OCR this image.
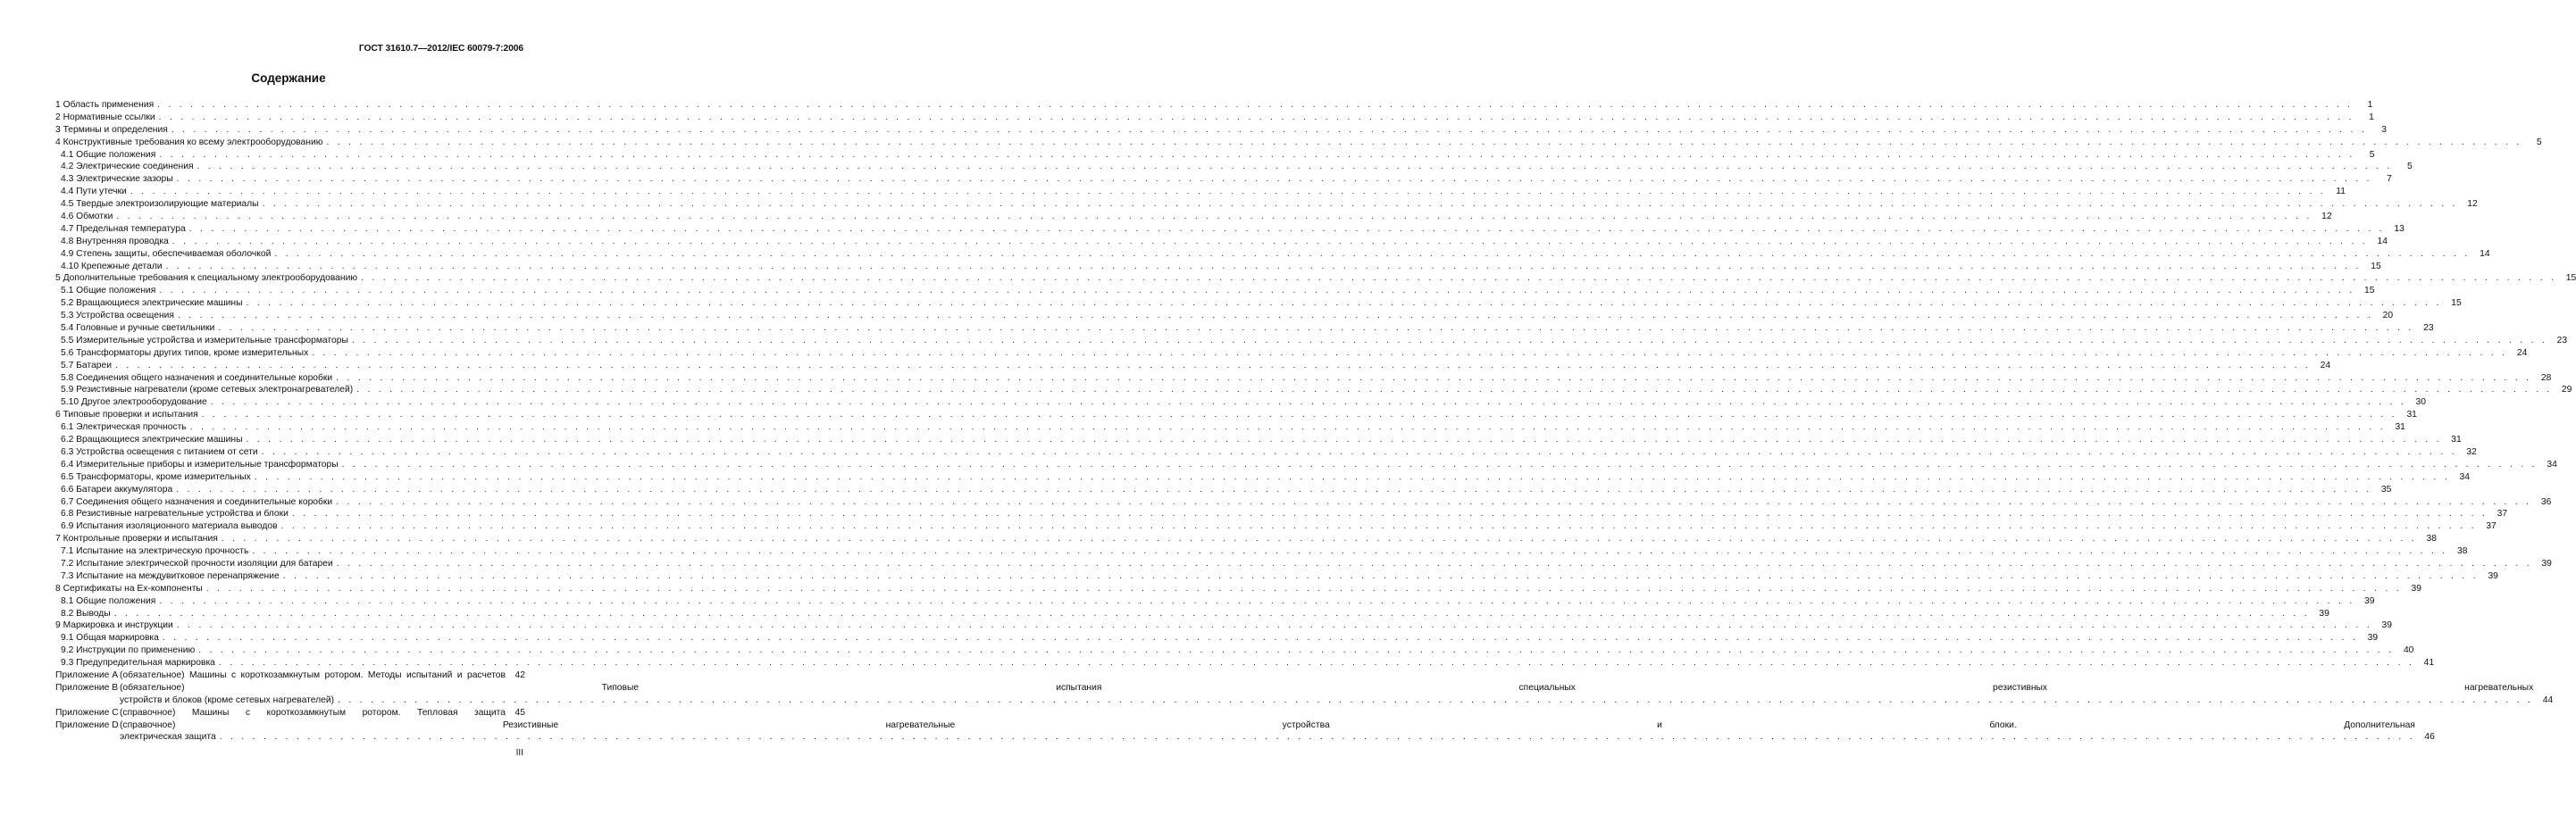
ГОСТ 31610.7—2012/IEC 60079-7:2006
Содержание
1 Область применения . . . . . . . . . . . . . . . . . . . . . . . . . . . . . . . . . . . . . . . . . . . . . . . . . . . . . . . . . . . . . . . . . . . . . . . . . . . . . . . . . . . . . . . . . . . . . . . . . . . . . . . . . . . . . . . . . . . . . . . . . . . . . . . . . . . . . . . . . . . . . . . . . . . . . . . . . . . . . . . . . . . . . . . . . . . . . . . . . . . . . . . . . . . . . . . . . . . . . . . .	1
2 Нормативные ссылки . . . . . . . . . . . . . . . . . . . . . . . . . . . . . . . . . . . . . . . . . . . . . . . . . . . . . . . . . . . . . . . . . . . . . . . . . . . . . . . . . . . . . . . . . . . . . . . . . . . . . . . . . . . . . . . . . . . . . . . . . . . . . . . . . . . . . . . . . . . . . . . . . . . . . . . . . . . . . . . . . . . . . . . . . . . . . . . . . . . . . . . . . . . . . . . . . . . . . . . .	1
3 Термины и определения . . . . . . . . . . . . . . . . . . . . . . . . . . . . . . . . . . . . . . . . . . . . . . . . . . . . . . . . . . . . . . . . . . . . . . . . . . . . . . . . . . . . . . . . . . . . . . . . . . . . . . . . . . . . . . . . . . . . . . . . . . . . . . . . . . . . . . . . . . . . . . . . . . . . . . . . . . . . . . . . . . . . . . . . . . . . . . . . . . . . . . . . . . . . . . . . . . . . . . . .	3
4 Конструктивные требования ко всему электрооборудованию . . . . . . . . . . . . . . . . . . . . . . . . . . . . . . . . . . . . . . . . . . . . . . . . . . . . . . . . . . . . . . . . . . . . . . . . . . . . . . . . . . . . . . . . . . . . . . . . . . . . . . . . . . . . . . . . . . . . . . . . . . . . . . . . . . . . . . . . . . . . . . . . . . . . . . . . . . . . . . . . . . . . . . . . . . . . . . . . . . . . . . . . . . . . . . . . . . . . . . . .	5
4.1 Общие положения . . . . . . . . . . . . . . . . . . . . . . . . . . . . . . . . . . . . . . . . . . . . . . . . . . . . . . . . . . . . . . . . . . . . . . . . . . . . . . . . . . . . . . . . . . . . . . . . . . . . . . . . . . . . . . . . . . . . . . . . . . . . . . . . . . . . . . . . . . . . . . . . . . . . . . . . . . . . . . . . . . . . . . . . . . . . . . . . . . . . . . . . . . . . . . . . . . . . . . . .	5
4.2 Электрические соединения . . . . . . . . . . . . . . . . . . . . . . . . . . . . . . . . . . . . . . . . . . . . . . . . . . . . . . . . . . . . . . . . . . . . . . . . . . . . . . . . . . . . . . . . . . . . . . . . . . . . . . . . . . . . . . . . . . . . . . . . . . . . . . . . . . . . . . . . . . . . . . . . . . . . . . . . . . . . . . . . . . . . . . . . . . . . . . . . . . . . . . . . . . . . . . . . . . . . . . . .	5
4.3 Электрические зазоры . . . . . . . . . . . . . . . . . . . . . . . . . . . . . . . . . . . . . . . . . . . . . . . . . . . . . . . . . . . . . . . . . . . . . . . . . . . . . . . . . . . . . . . . . . . . . . . . . . . . . . . . . . . . . . . . . . . . . . . . . . . . . . . . . . . . . . . . . . . . . . . . . . . . . . . . . . . . . . . . . . . . . . . . . . . . . . . . . . . . . . . . . . . . . . . . . . . . . . . .	7
4.4 Пути утечки . . . . . . . . . . . . . . . . . . . . . . . . . . . . . . . . . . . . . . . . . . . . . . . . . . . . . . . . . . . . . . . . . . . . . . . . . . . . . . . . . . . . . . . . . . . . . . . . . . . . . . . . . . . . . . . . . . . . . . . . . . . . . . . . . . . . . . . . . . . . . . . . . . . . . . . . . . . . . . . . . . . . . . . . . . . . . . . . . . . . . . . . . . . . . . . . . . . . . . . .	11
4.5 Твердые электроизолирующие материалы . . . . . . . . . . . . . . . . . . . . . . . . . . . . . . . . . . . . . . . . . . . . . . . . . . . . . . . . . . . . . . . . . . . . . . . . . . . . . . . . . . . . . . . . . . . . . . . . . . . . . . . . . . . . . . . . . . . . . . . . . . . . . . . . . . . . . . . . . . . . . . . . . . . . . . . . . . . . . . . . . . . . . . . . . . . . . . . . . . . . . . . . . . . . . . . . . . . . . . . .	12
4.6 Обмотки . . . . . . . . . . . . . . . . . . . . . . . . . . . . . . . . . . . . . . . . . . . . . . . . . . . . . . . . . . . . . . . . . . . . . . . . . . . . . . . . . . . . . . . . . . . . . . . . . . . . . . . . . . . . . . . . . . . . . . . . . . . . . . . . . . . . . . . . . . . . . . . . . . . . . . . . . . . . . . . . . . . . . . . . . . . . . . . . . . . . . . . . . . . . . . . . . . . . . . . .	12
4.7 Предельная температура . . . . . . . . . . . . . . . . . . . . . . . . . . . . . . . . . . . . . . . . . . . . . . . . . . . . . . . . . . . . . . . . . . . . . . . . . . . . . . . . . . . . . . . . . . . . . . . . . . . . . . . . . . . . . . . . . . . . . . . . . . . . . . . . . . . . . . . . . . . . . . . . . . . . . . . . . . . . . . . . . . . . . . . . . . . . . . . . . . . . . . . . . . . . . . . . . . . . . . . .	13
4.8 Внутренняя проводка . . . . . . . . . . . . . . . . . . . . . . . . . . . . . . . . . . . . . . . . . . . . . . . . . . . . . . . . . . . . . . . . . . . . . . . . . . . . . . . . . . . . . . . . . . . . . . . . . . . . . . . . . . . . . . . . . . . . . . . . . . . . . . . . . . . . . . . . . . . . . . . . . . . . . . . . . . . . . . . . . . . . . . . . . . . . . . . . . . . . . . . . . . . . . . . . . . . . . . . .	14
4.9 Степень защиты, обеспечиваемая оболочкой . . . . . . . . . . . . . . . . . . . . . . . . . . . . . . . . . . . . . . . . . . . . . . . . . . . . . . . . . . . . . . . . . . . . . . . . . . . . . . . . . . . . . . . . . . . . . . . . . . . . . . . . . . . . . . . . . . . . . . . . . . . . . . . . . . . . . . . . . . . . . . . . . . . . . . . . . . . . . . . . . . . . . . . . . . . . . . . . . . . . . . . . . . . . . . . . . . . . . . . .	14
4.10 Крепежные детали . . . . . . . . . . . . . . . . . . . . . . . . . . . . . . . . . . . . . . . . . . . . . . . . . . . . . . . . . . . . . . . . . . . . . . . . . . . . . . . . . . . . . . . . . . . . . . . . . . . . . . . . . . . . . . . . . . . . . . . . . . . . . . . . . . . . . . . . . . . . . . . . . . . . . . . . . . . . . . . . . . . . . . . . . . . . . . . . . . . . . . . . . . . . . . . . . . . . . . . .	15
5 Дополнительные требования к специальному электрооборудованию . . . . . . . . . . . . . . . . . . . . . . . . . . . . . . . . . . . . . . . . . . . . . . . . . . . . . . . . . . . . . . . . . . . . . . . . . . . . . . . . . . . . . . . . . . . . . . . . . . . . . . . . . . . . . . . . . . . . . . . . . . . . . . . . . . . . . . . . . . . . . . . . . . . . . . . . . . . . . . . . . . . . . . . . . . . . . . . . . . . . . . . . . . . . . . . . . . . . . . . .	15
5.1 Общие положения . . . . . . . . . . . . . . . . . . . . . . . . . . . . . . . . . . . . . . . . . . . . . . . . . . . . . . . . . . . . . . . . . . . . . . . . . . . . . . . . . . . . . . . . . . . . . . . . . . . . . . . . . . . . . . . . . . . . . . . . . . . . . . . . . . . . . . . . . . . . . . . . . . . . . . . . . . . . . . . . . . . . . . . . . . . . . . . . . . . . . . . . . . . . . . . . . . . . . . . .	15
5.2 Вращающиеся электрические машины . . . . . . . . . . . . . . . . . . . . . . . . . . . . . . . . . . . . . . . . . . . . . . . . . . . . . . . . . . . . . . . . . . . . . . . . . . . . . . . . . . . . . . . . . . . . . . . . . . . . . . . . . . . . . . . . . . . . . . . . . . . . . . . . . . . . . . . . . . . . . . . . . . . . . . . . . . . . . . . . . . . . . . . . . . . . . . . . . . . . . . . . . . . . . . . . . . . . . . . .	15
5.3 Устройства освещения . . . . . . . . . . . . . . . . . . . . . . . . . . . . . . . . . . . . . . . . . . . . . . . . . . . . . . . . . . . . . . . . . . . . . . . . . . . . . . . . . . . . . . . . . . . . . . . . . . . . . . . . . . . . . . . . . . . . . . . . . . . . . . . . . . . . . . . . . . . . . . . . . . . . . . . . . . . . . . . . . . . . . . . . . . . . . . . . . . . . . . . . . . . . . . . . . . . . . . . .	20
5.4 Головные и ручные светильники . . . . . . . . . . . . . . . . . . . . . . . . . . . . . . . . . . . . . . . . . . . . . . . . . . . . . . . . . . . . . . . . . . . . . . . . . . . . . . . . . . . . . . . . . . . . . . . . . . . . . . . . . . . . . . . . . . . . . . . . . . . . . . . . . . . . . . . . . . . . . . . . . . . . . . . . . . . . . . . . . . . . . . . . . . . . . . . . . . . . . . . . . . . . . . . . . . . . . . . .	23
5.5 Измерительные устройства и измерительные трансформаторы . . . . . . . . . . . . . . . . . . . . . . . . . . . . . . . . . . . . . . . . . . . . . . . . . . . . . . . . . . . . . . . . . . . . . . . . . . . . . . . . . . . . . . . . . . . . . . . . . . . . . . . . . . . . . . . . . . . . . . . . . . . . . . . . . . . . . . . . . . . . . . . . . . . . . . . . . . . . . . . . . . . . . . . . . . . . . . . . . . . . . . . . . . . . . . . . . . . . . . . .	23
5.6 Трансформаторы других типов, кроме измерительных . . . . . . . . . . . . . . . . . . . . . . . . . . . . . . . . . . . . . . . . . . . . . . . . . . . . . . . . . . . . . . . . . . . . . . . . . . . . . . . . . . . . . . . . . . . . . . . . . . . . . . . . . . . . . . . . . . . . . . . . . . . . . . . . . . . . . . . . . . . . . . . . . . . . . . . . . . . . . . . . . . . . . . . . . . . . . . . . . . . . . . . . . . . . . . . . . . . . . . . .	24
5.7 Батареи . . . . . . . . . . . . . . . . . . . . . . . . . . . . . . . . . . . . . . . . . . . . . . . . . . . . . . . . . . . . . . . . . . . . . . . . . . . . . . . . . . . . . . . . . . . . . . . . . . . . . . . . . . . . . . . . . . . . . . . . . . . . . . . . . . . . . . . . . . . . . . . . . . . . . . . . . . . . . . . . . . . . . . . . . . . . . . . . . . . . . . . . . . . . . . . . . . . . . . . .	24
5.8 Соединения общего назначения и соединительные коробки . . . . . . . . . . . . . . . . . . . . . . . . . . . . . . . . . . . . . . . . . . . . . . . . . . . . . . . . . . . . . . . . . . . . . . . . . . . . . . . . . . . . . . . . . . . . . . . . . . . . . . . . . . . . . . . . . . . . . . . . . . . . . . . . . . . . . . . . . . . . . . . . . . . . . . . . . . . . . . . . . . . . . . . . . . . . . . . . . . . . . . . . . . . . . . . . . . . . . . . .	28
5.9 Резистивные нагреватели (кроме сетевых электронагревателей) . . . . . . . . . . . . . . . . . . . . . . . . . . . . . . . . . . . . . . . . . . . . . . . . . . . . . . . . . . . . . . . . . . . . . . . . . . . . . . . . . . . . . . . . . . . . . . . . . . . . . . . . . . . . . . . . . . . . . . . . . . . . . . . . . . . . . . . . . . . . . . . . . . . . . . . . . . . . . . . . . . . . . . . . . . . . . . . . . . . . . . . . . . . . . . . . . . . . . . . .	29
5.10 Другое электрооборудование . . . . . . . . . . . . . . . . . . . . . . . . . . . . . . . . . . . . . . . . . . . . . . . . . . . . . . . . . . . . . . . . . . . . . . . . . . . . . . . . . . . . . . . . . . . . . . . . . . . . . . . . . . . . . . . . . . . . . . . . . . . . . . . . . . . . . . . . . . . . . . . . . . . . . . . . . . . . . . . . . . . . . . . . . . . . . . . . . . . . . . . . . . . . . . . . . . . . . . . .	30
6 Типовые проверки и испытания . . . . . . . . . . . . . . . . . . . . . . . . . . . . . . . . . . . . . . . . . . . . . . . . . . . . . . . . . . . . . . . . . . . . . . . . . . . . . . . . . . . . . . . . . . . . . . . . . . . . . . . . . . . . . . . . . . . . . . . . . . . . . . . . . . . . . . . . . . . . . . . . . . . . . . . . . . . . . . . . . . . . . . . . . . . . . . . . . . . . . . . . . . . . . . . . . . . . . . . .	31
6.1 Электрическая прочность . . . . . . . . . . . . . . . . . . . . . . . . . . . . . . . . . . . . . . . . . . . . . . . . . . . . . . . . . . . . . . . . . . . . . . . . . . . . . . . . . . . . . . . . . . . . . . . . . . . . . . . . . . . . . . . . . . . . . . . . . . . . . . . . . . . . . . . . . . . . . . . . . . . . . . . . . . . . . . . . . . . . . . . . . . . . . . . . . . . . . . . . . . . . . . . . . . . . . . . .	31
6.2 Вращающиеся электрические машины . . . . . . . . . . . . . . . . . . . . . . . . . . . . . . . . . . . . . . . . . . . . . . . . . . . . . . . . . . . . . . . . . . . . . . . . . . . . . . . . . . . . . . . . . . . . . . . . . . . . . . . . . . . . . . . . . . . . . . . . . . . . . . . . . . . . . . . . . . . . . . . . . . . . . . . . . . . . . . . . . . . . . . . . . . . . . . . . . . . . . . . . . . . . . . . . . . . . . . . .	31
6.3 Устройства освещения с питанием от сети . . . . . . . . . . . . . . . . . . . . . . . . . . . . . . . . . . . . . . . . . . . . . . . . . . . . . . . . . . . . . . . . . . . . . . . . . . . . . . . . . . . . . . . . . . . . . . . . . . . . . . . . . . . . . . . . . . . . . . . . . . . . . . . . . . . . . . . . . . . . . . . . . . . . . . . . . . . . . . . . . . . . . . . . . . . . . . . . . . . . . . . . . . . . . . . . . . . . . . . .	32
6.4 Измерительные приборы и измерительные трансформаторы . . . . . . . . . . . . . . . . . . . . . . . . . . . . . . . . . . . . . . . . . . . . . . . . . . . . . . . . . . . . . . . . . . . . . . . . . . . . . . . . . . . . . . . . . . . . . . . . . . . . . . . . . . . . . . . . . . . . . . . . . . . . . . . . . . . . . . . . . . . . . . . . . . . . . . . . . . . . . . . . . . . . . . . . . . . . . . . . . . . . . . . . . . . . . . . . . . . . . . . .	34
6.5 Трансформаторы, кроме измерительных . . . . . . . . . . . . . . . . . . . . . . . . . . . . . . . . . . . . . . . . . . . . . . . . . . . . . . . . . . . . . . . . . . . . . . . . . . . . . . . . . . . . . . . . . . . . . . . . . . . . . . . . . . . . . . . . . . . . . . . . . . . . . . . . . . . . . . . . . . . . . . . . . . . . . . . . . . . . . . . . . . . . . . . . . . . . . . . . . . . . . . . . . . . . . . . . . . . . . . . .	34
6.6 Батареи аккумулятора . . . . . . . . . . . . . . . . . . . . . . . . . . . . . . . . . . . . . . . . . . . . . . . . . . . . . . . . . . . . . . . . . . . . . . . . . . . . . . . . . . . . . . . . . . . . . . . . . . . . . . . . . . . . . . . . . . . . . . . . . . . . . . . . . . . . . . . . . . . . . . . . . . . . . . . . . . . . . . . . . . . . . . . . . . . . . . . . . . . . . . . . . . . . . . . . . . . . . . . .	35
6.7 Соединения общего назначения и соединительные коробки . . . . . . . . . . . . . . . . . . . . . . . . . . . . . . . . . . . . . . . . . . . . . . . . . . . . . . . . . . . . . . . . . . . . . . . . . . . . . . . . . . . . . . . . . . . . . . . . . . . . . . . . . . . . . . . . . . . . . . . . . . . . . . . . . . . . . . . . . . . . . . . . . . . . . . . . . . . . . . . . . . . . . . . . . . . . . . . . . . . . . . . . . . . . . . . . . . . . . . . .	36
6.8 Резистивные нагревательные устройства и блоки . . . . . . . . . . . . . . . . . . . . . . . . . . . . . . . . . . . . . . . . . . . . . . . . . . . . . . . . . . . . . . . . . . . . . . . . . . . . . . . . . . . . . . . . . . . . . . . . . . . . . . . . . . . . . . . . . . . . . . . . . . . . . . . . . . . . . . . . . . . . . . . . . . . . . . . . . . . . . . . . . . . . . . . . . . . . . . . . . . . . . . . . . . . . . . . . . . . . . . . .	37
6.9 Испытания изоляционного материала выводов . . . . . . . . . . . . . . . . . . . . . . . . . . . . . . . . . . . . . . . . . . . . . . . . . . . . . . . . . . . . . . . . . . . . . . . . . . . . . . . . . . . . . . . . . . . . . . . . . . . . . . . . . . . . . . . . . . . . . . . . . . . . . . . . . . . . . . . . . . . . . . . . . . . . . . . . . . . . . . . . . . . . . . . . . . . . . . . . . . . . . . . . . . . . . . . . . . . . . . . .	37
7 Контрольные проверки и испытания . . . . . . . . . . . . . . . . . . . . . . . . . . . . . . . . . . . . . . . . . . . . . . . . . . . . . . . . . . . . . . . . . . . . . . . . . . . . . . . . . . . . . . . . . . . . . . . . . . . . . . . . . . . . . . . . . . . . . . . . . . . . . . . . . . . . . . . . . . . . . . . . . . . . . . . . . . . . . . . . . . . . . . . . . . . . . . . . . . . . . . . . . . . . . . . . . . . . . . . .	38
7.1 Испытание на электрическую прочность . . . . . . . . . . . . . . . . . . . . . . . . . . . . . . . . . . . . . . . . . . . . . . . . . . . . . . . . . . . . . . . . . . . . . . . . . . . . . . . . . . . . . . . . . . . . . . . . . . . . . . . . . . . . . . . . . . . . . . . . . . . . . . . . . . . . . . . . . . . . . . . . . . . . . . . . . . . . . . . . . . . . . . . . . . . . . . . . . . . . . . . . . . . . . . . . . . . . . . . .	38
7.2 Испытание электрической прочности изоляции для батареи . . . . . . . . . . . . . . . . . . . . . . . . . . . . . . . . . . . . . . . . . . . . . . . . . . . . . . . . . . . . . . . . . . . . . . . . . . . . . . . . . . . . . . . . . . . . . . . . . . . . . . . . . . . . . . . . . . . . . . . . . . . . . . . . . . . . . . . . . . . . . . . . . . . . . . . . . . . . . . . . . . . . . . . . . . . . . . . . . . . . . . . . . . . . . . . . . . . . . . . .	39
7.3 Испытание на междувитковое перенапряжение . . . . . . . . . . . . . . . . . . . . . . . . . . . . . . . . . . . . . . . . . . . . . . . . . . . . . . . . . . . . . . . . . . . . . . . . . . . . . . . . . . . . . . . . . . . . . . . . . . . . . . . . . . . . . . . . . . . . . . . . . . . . . . . . . . . . . . . . . . . . . . . . . . . . . . . . . . . . . . . . . . . . . . . . . . . . . . . . . . . . . . . . . . . . . . . . . . . . . . . .	39
8 Сертификаты на Ex-компоненты . . . . . . . . . . . . . . . . . . . . . . . . . . . . . . . . . . . . . . . . . . . . . . . . . . . . . . . . . . . . . . . . . . . . . . . . . . . . . . . . . . . . . . . . . . . . . . . . . . . . . . . . . . . . . . . . . . . . . . . . . . . . . . . . . . . . . . . . . . . . . . . . . . . . . . . . . . . . . . . . . . . . . . . . . . . . . . . . . . . . . . . . . . . . . . . . . . . . . . . .	39
8.1 Общие положения . . . . . . . . . . . . . . . . . . . . . . . . . . . . . . . . . . . . . . . . . . . . . . . . . . . . . . . . . . . . . . . . . . . . . . . . . . . . . . . . . . . . . . . . . . . . . . . . . . . . . . . . . . . . . . . . . . . . . . . . . . . . . . . . . . . . . . . . . . . . . . . . . . . . . . . . . . . . . . . . . . . . . . . . . . . . . . . . . . . . . . . . . . . . . . . . . . . . . . . .	39
8.2 Выводы . . . . . . . . . . . . . . . . . . . . . . . . . . . . . . . . . . . . . . . . . . . . . . . . . . . . . . . . . . . . . . . . . . . . . . . . . . . . . . . . . . . . . . . . . . . . . . . . . . . . . . . . . . . . . . . . . . . . . . . . . . . . . . . . . . . . . . . . . . . . . . . . . . . . . . . . . . . . . . . . . . . . . . . . . . . . . . . . . . . . . . . . . . . . . . . . . . . . . . . .	39
9 Маркировка и инструкции . . . . . . . . . . . . . . . . . . . . . . . . . . . . . . . . . . . . . . . . . . . . . . . . . . . . . . . . . . . . . . . . . . . . . . . . . . . . . . . . . . . . . . . . . . . . . . . . . . . . . . . . . . . . . . . . . . . . . . . . . . . . . . . . . . . . . . . . . . . . . . . . . . . . . . . . . . . . . . . . . . . . . . . . . . . . . . . . . . . . . . . . . . . . . . . . . . . . . . . .	39
9.1 Общая маркировка . . . . . . . . . . . . . . . . . . . . . . . . . . . . . . . . . . . . . . . . . . . . . . . . . . . . . . . . . . . . . . . . . . . . . . . . . . . . . . . . . . . . . . . . . . . . . . . . . . . . . . . . . . . . . . . . . . . . . . . . . . . . . . . . . . . . . . . . . . . . . . . . . . . . . . . . . . . . . . . . . . . . . . . . . . . . . . . . . . . . . . . . . . . . . . . . . . . . . . . .	39
9.2 Инструкции по применению . . . . . . . . . . . . . . . . . . . . . . . . . . . . . . . . . . . . . . . . . . . . . . . . . . . . . . . . . . . . . . . . . . . . . . . . . . . . . . . . . . . . . . . . . . . . . . . . . . . . . . . . . . . . . . . . . . . . . . . . . . . . . . . . . . . . . . . . . . . . . . . . . . . . . . . . . . . . . . . . . . . . . . . . . . . . . . . . . . . . . . . . . . . . . . . . . . . . . . . .	40
9.3 Предупредительная маркировка . . . . . . . . . . . . . . . . . . . . . . . . . . . . . . . . . . . . . . . . . . . . . . . . . . . . . . . . . . . . . . . . . . . . . . . . . . . . . . . . . . . . . . . . . . . . . . . . . . . . . . . . . . . . . . . . . . . . . . . . . . . . . . . . . . . . . . . . . . . . . . . . . . . . . . . . . . . . . . . . . . . . . . . . . . . . . . . . . . . . . . . . . . . . . . . . . . . . . . . .	41
Приложение A (обязательное) Машины с короткозамкнутым ротором. Методы испытаний и расчетов	42
Приложение B (обязательное) Типовые испытания специальных резистивных нагревательных
устройств и блоков (кроме сетевых нагревателей) . . . . . . . . . . . . . . . . . . . . . . . . . . . . . . . . . . . . . . . . . . . . . . . . . . . . . . . . . . . . . . . . . . . . . . . . . . . . . . . . . . . . . . . . . . . . . . . . . . . . . . . . . . . . . . . . . . . . . . . . . . . . . . . . . . . . . . . . . . . . . . . . . . . . . . . . . . . . . . . . . . . . . . . . . . . . . . . . . . . . . . . . . . . . . . . . . . . . . . . .	44
Приложение C (справочное) Машины с короткозамкнутым ротором. Тепловая защита	45
Приложение D (справочное) Резистивные нагревательные устройства и блоки. Дополнительная
электрическая защита . . . . . . . . . . . . . . . . . . . . . . . . . . . . . . . . . . . . . . . . . . . . . . . . . . . . . . . . . . . . . . . . . . . . . . . . . . . . . . . . . . . . . . . . . . . . . . . . . . . . . . . . . . . . . . . . . . . . . . . . . . . . . . . . . . . . . . . . . . . . . . . . . . . . . . . . . . . . . . . . . . . . . . . . . . . . . . . . . . . . . . . . . . . . . . . . . . . . . . . .	46
III
